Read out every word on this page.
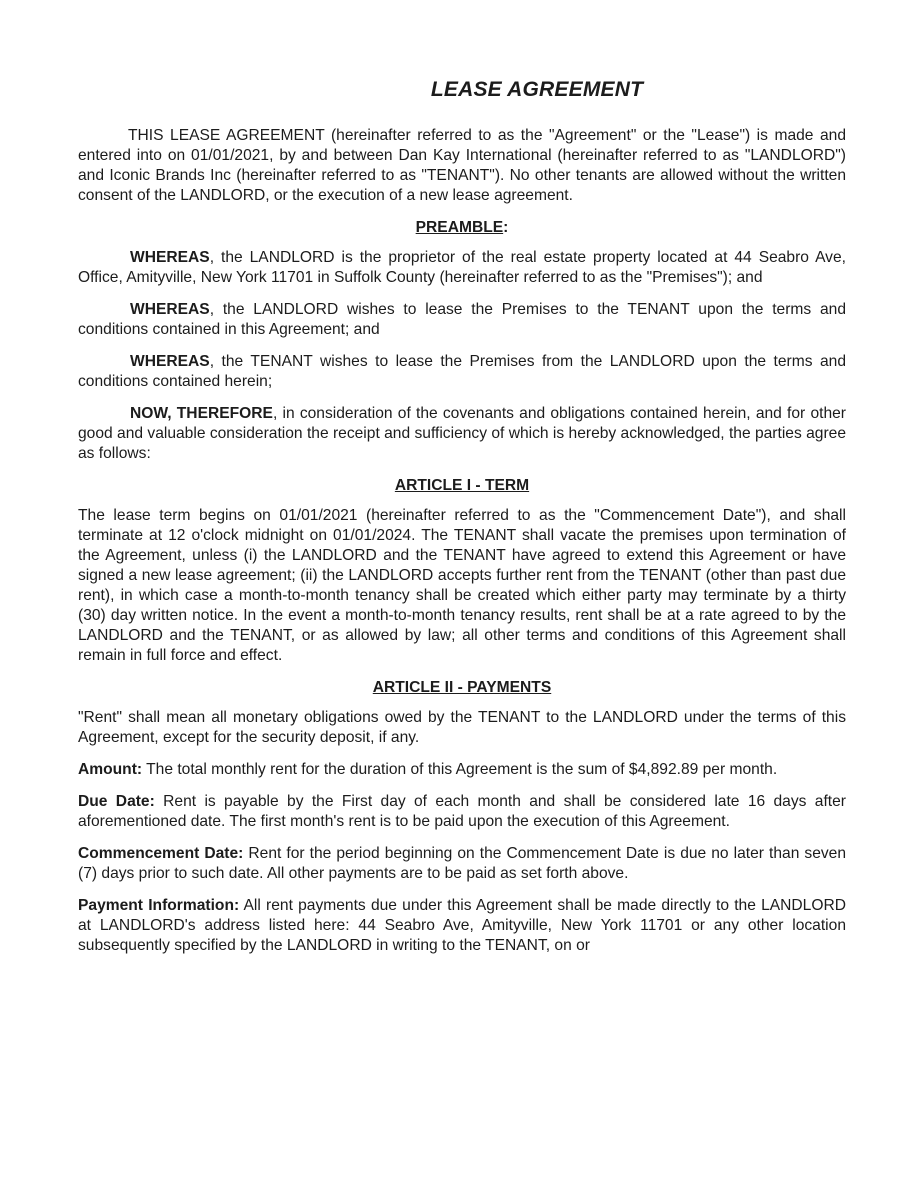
LEASE AGREEMENT

THIS LEASE AGREEMENT (hereinafter referred to as the "Agreement" or the "Lease") is made and entered into on 01/01/2021, by and between Dan Kay International (hereinafter referred to as "LANDLORD") and Iconic Brands Inc (hereinafter referred to as "TENANT"). No other tenants are allowed without the written consent of the LANDLORD, or the execution of a new lease agreement.

PREAMBLE:

WHEREAS, the LANDLORD is the proprietor of the real estate property located at 44 Seabro Ave, Office, Amityville, New York 11701 in Suffolk County (hereinafter referred to as the "Premises"); and

WHEREAS, the LANDLORD wishes to lease the Premises to the TENANT upon the terms and conditions contained in this Agreement; and

WHEREAS, the TENANT wishes to lease the Premises from the LANDLORD upon the terms and conditions contained herein;

NOW, THEREFORE, in consideration of the covenants and obligations contained herein, and for other good and valuable consideration the receipt and sufficiency of which is hereby acknowledged, the parties agree as follows:

ARTICLE I - TERM

The lease term begins on 01/01/2021 (hereinafter referred to as the "Commencement Date"), and shall terminate at 12 o'clock midnight on 01/01/2024. The TENANT shall vacate the premises upon termination of the Agreement, unless (i) the LANDLORD and the TENANT have agreed to extend this Agreement or have signed a new lease agreement; (ii) the LANDLORD accepts further rent from the TENANT (other than past due rent), in which case a month-to-month tenancy shall be created which either party may terminate by a thirty (30) day written notice. In the event a month-to-month tenancy results, rent shall be at a rate agreed to by the LANDLORD and the TENANT, or as allowed by law; all other terms and conditions of this Agreement shall remain in full force and effect.

ARTICLE II - PAYMENTS

"Rent" shall mean all monetary obligations owed by the TENANT to the LANDLORD under the terms of this Agreement, except for the security deposit, if any.

Amount: The total monthly rent for the duration of this Agreement is the sum of $4,892.89 per month.

Due Date: Rent is payable by the First day of each month and shall be considered late 16 days after aforementioned date. The first month's rent is to be paid upon the execution of this Agreement.

Commencement Date: Rent for the period beginning on the Commencement Date is due no later than seven (7) days prior to such date. All other payments are to be paid as set forth above.

Payment Information: All rent payments due under this Agreement shall be made directly to the LANDLORD at LANDLORD's address listed here: 44 Seabro Ave, Amityville, New York 11701 or any other location subsequently specified by the LANDLORD in writing to the TENANT, on or
